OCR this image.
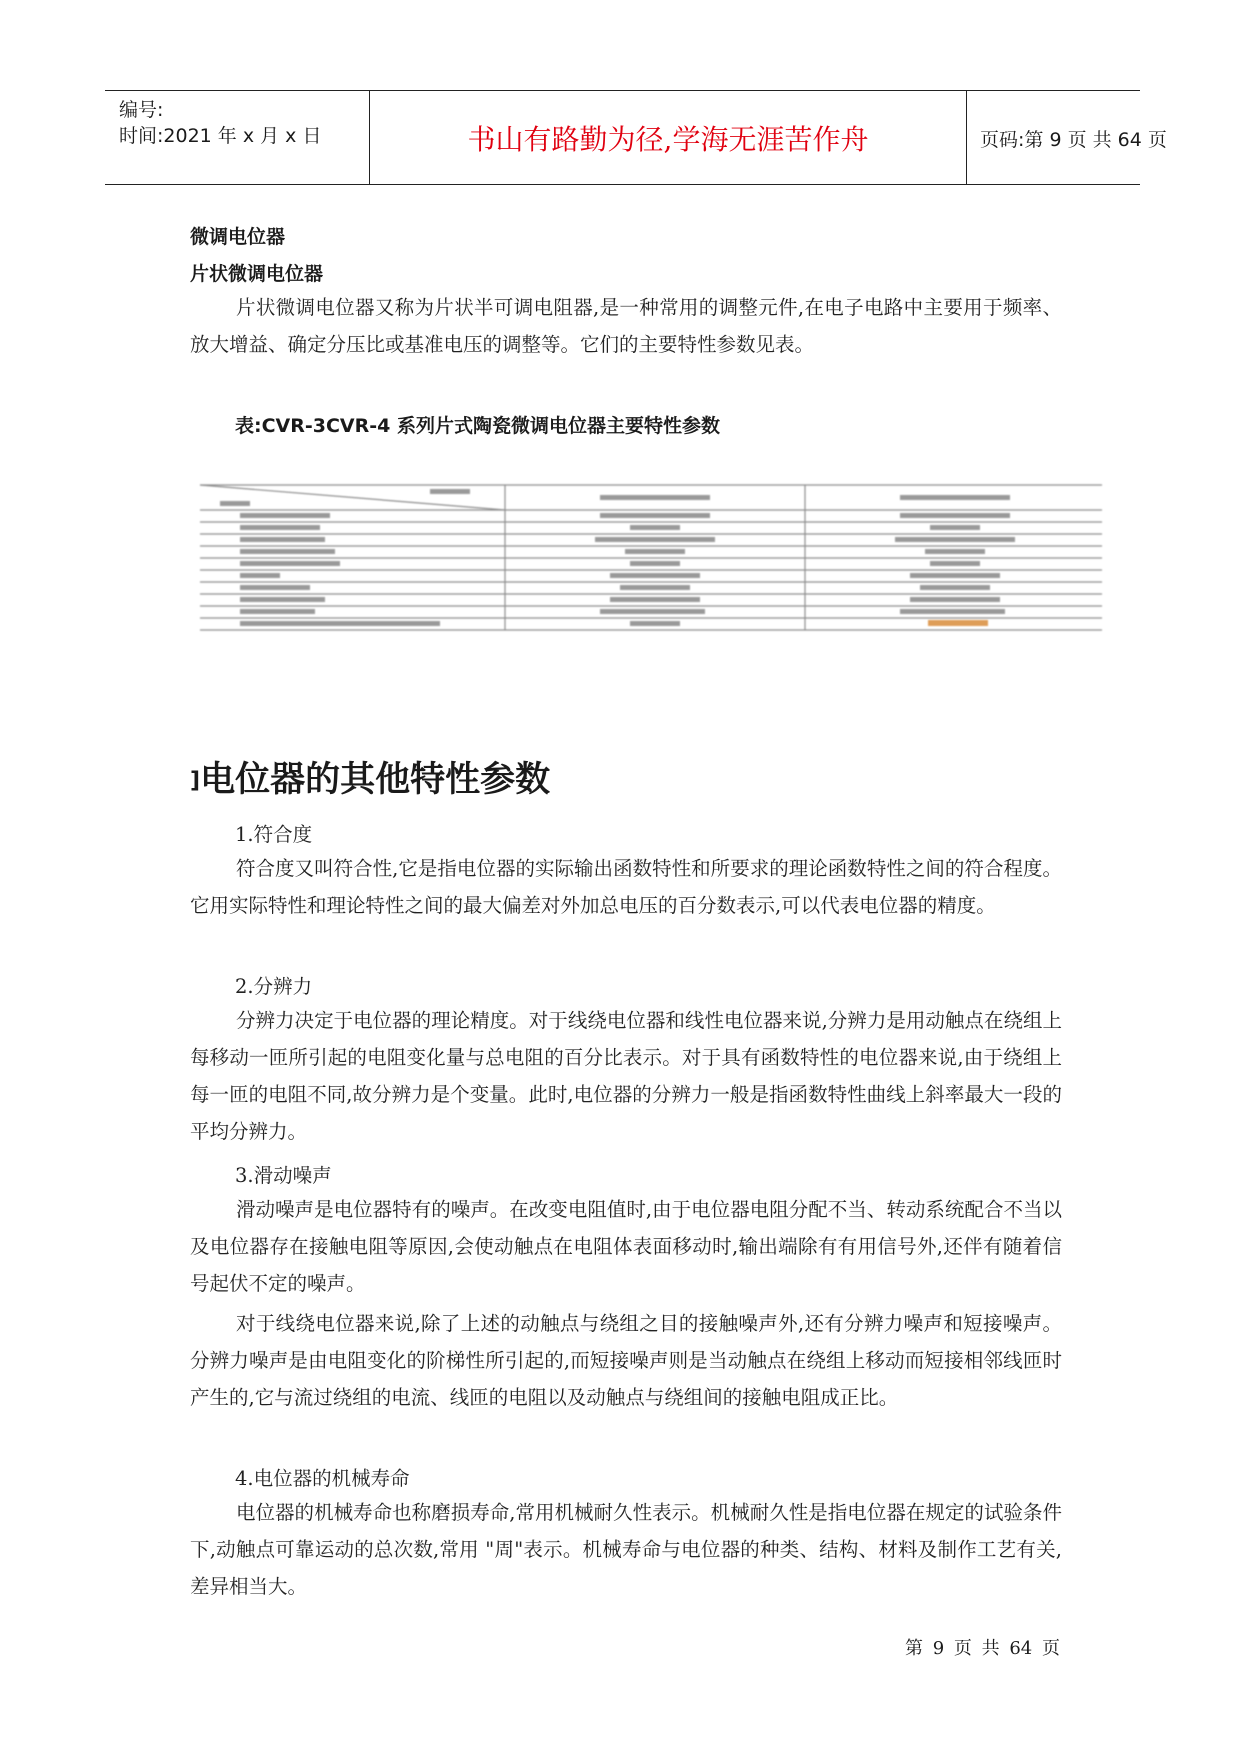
编号:
时间:2021 年 x 月 x 日	书山有路勤为径,学海无涯苦作舟	页码:第 9 页 共 64 页
微调电位器
片状微调电位器

片状微调电位器又称为片状半可调电阻器,是一种常用的调整元件,在电子电路中主要用于频率、放大增益、确定分压比或基准电压的调整等。它们的主要特性参数见表。

表:CVR-3CVR-4 系列片式陶瓷微调电位器主要特性参数
]电位器的其他特性参数
1.符合度

符合度又叫符合性,它是指电位器的实际输出函数特性和所要求的理论函数特性之间的符合程度。它用实际特性和理论特性之间的最大偏差对外加总电压的百分数表示,可以代表电位器的精度。

2.分辨力

分辨力决定于电位器的理论精度。对于线绕电位器和线性电位器来说,分辨力是用动触点在绕组上每移动一匝所引起的电阻变化量与总电阻的百分比表示。对于具有函数特性的电位器来说,由于绕组上每一匝的电阻不同,故分辨力是个变量。此时,电位器的分辨力一般是指函数特性曲线上斜率最大一段的平均分辨力。

3.滑动噪声

滑动噪声是电位器特有的噪声。在改变电阻值时,由于电位器电阻分配不当、转动系统配合不当以及电位器存在接触电阻等原因,会使动触点在电阻体表面移动时,输出端除有有用信号外,还伴有随着信号起伏不定的噪声。

对于线绕电位器来说,除了上述的动触点与绕组之目的接触噪声外,还有分辨力噪声和短接噪声。分辨力噪声是由电阻变化的阶梯性所引起的,而短接噪声则是当动触点在绕组上移动而短接相邻线匝时产生的,它与流过绕组的电流、线匝的电阻以及动触点与绕组间的接触电阻成正比。

4.电位器的机械寿命

电位器的机械寿命也称磨损寿命,常用机械耐久性表示。机械耐久性是指电位器在规定的试验条件下,动触点可靠运动的总次数,常用 "周"表示。机械寿命与电位器的种类、结构、材料及制作工艺有关,差异相当大。

第 9 页 共 64 页
